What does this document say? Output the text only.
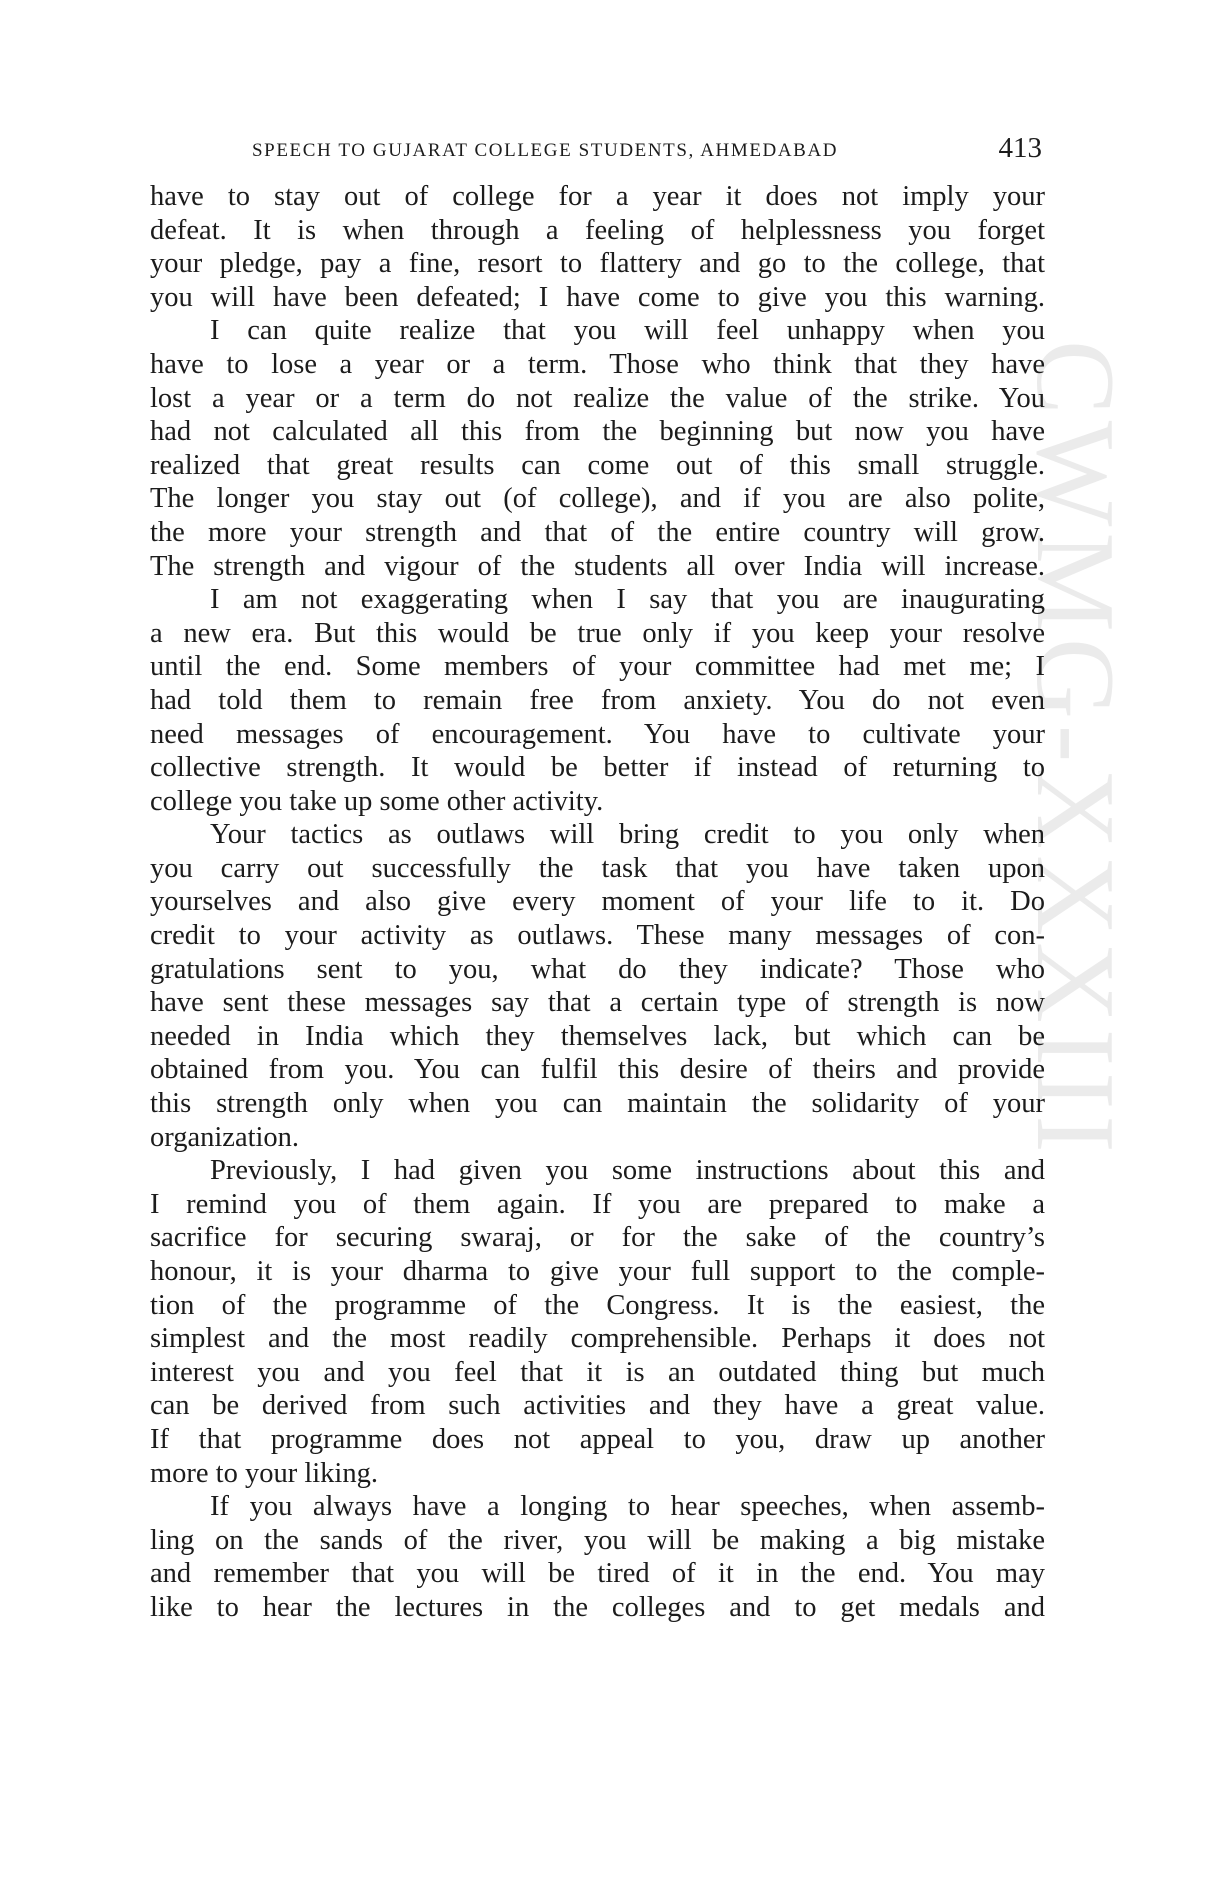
CWMG-XXXIII
SPEECH TO GUJARAT COLLEGE STUDENTS, AHMEDABAD	413
have to stay out of college for a year it does not imply your
defeat. It is when through a feeling of helplessness you forget
your pledge, pay a fine, resort to flattery and go to the college, that
you will have been defeated; I have come to give you this warning.
I can quite realize that you will feel unhappy when you
have to lose a year or a term. Those who think that they have
lost a year or a term do not realize the value of the strike. You
had not calculated all this from the beginning but now you have
realized that great results can come out of this small struggle.
The longer you stay out (of college), and if you are also polite,
the more your strength and that of the entire country will grow.
The strength and vigour of the students all over India will increase.
I am not exaggerating when I say that you are inaugurating
a new era. But this would be true only if you keep your resolve
until the end. Some members of your committee had met me; I
had told them to remain free from anxiety. You do not even
need messages of encouragement. You have to cultivate your
collective strength. It would be better if instead of returning to
college you take up some other activity.
Your tactics as outlaws will bring credit to you only when
you carry out successfully the task that you have taken upon
yourselves and also give every moment of your life to it. Do
credit to your activity as outlaws. These many messages of con-
gratulations sent to you, what do they indicate? Those who
have sent these messages say that a certain type of strength is now
needed in India which they themselves lack, but which can be
obtained from you. You can fulfil this desire of theirs and provide
this strength only when you can maintain the solidarity of your
organization.
Previously, I had given you some instructions about this and
I remind you of them again. If you are prepared to make a
sacrifice for securing swaraj, or for the sake of the country’s
honour, it is your dharma to give your full support to the comple-
tion of the programme of the Congress. It is the easiest, the
simplest and the most readily comprehensible. Perhaps it does not
interest you and you feel that it is an outdated thing but much
can be derived from such activities and they have a great value.
If that programme does not appeal to you, draw up another
more to your liking.
If you always have a longing to hear speeches, when assemb-
ling on the sands of the river, you will be making a big mistake
and remember that you will be tired of it in the end. You may
like to hear the lectures in the colleges and to get medals and
